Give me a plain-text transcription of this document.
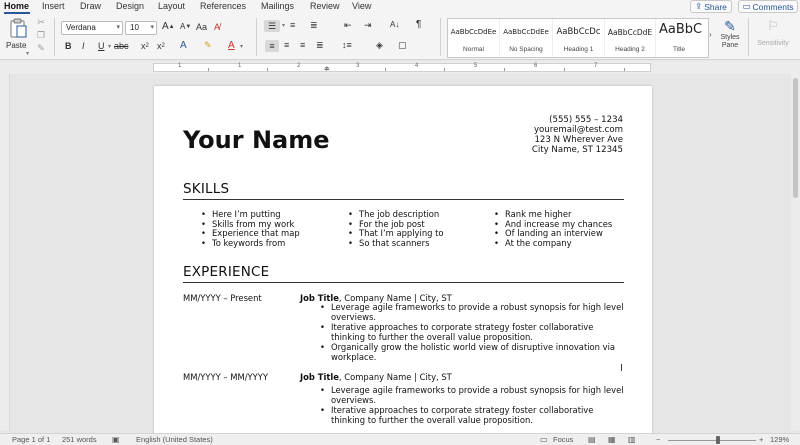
Home Insert Draw Design Layout References Mailings Review View	⇪ Share ▭ Comments
Paste
▾
✂
❐
✎
Verdana	▾	10 ▾ A ▲ A ▼ Aa A̸
B I U ▾ abc x 2 x 2 A ✎ A ▾
☰ ▾ ≡ ≣	⇤ ⇥ A↓ ¶
≡	≡ ≡ ≣ ↕≡	◈ ▢
AaBbCcDdEe
Normal
AaBbCcDdEe
No Spacing
AaBbCcDc
Heading 1
AaBbCcDdE
Heading 2
AaBbC
Title
›
✎
Styles Pane
⚐
Sensitivity
1	1	2	3	4	5	6	7
⏏
Your Name
(555) 555 – 1234
youremail@test.com
123 N Wherever Ave
City Name, ST 12345
SKILLS
• Here I’m putting
• Skills from my work
• Experience that map
• To keywords from
• The job description
• For the job post
• That I’m applying to
• So that scanners
• Rank me higher
• And increase my chances
• Of landing an interview
• At the company
EXPERIENCE
MM/YYYY – Present	Job Title, Company Name | City, ST
• Leverage agile frameworks to provide a robust synopsis for high level overviews.
• Iterative approaches to corporate strategy foster collaborative thinking to further the overall value proposition.
• Organically grow the holistic world view of disruptive innovation via workplace.
MM/YYYY – MM/YYYY	Job Title, Company Name | City, ST
• Leverage agile frameworks to provide a robust synopsis for high level overviews.
• Iterative approaches to corporate strategy foster collaborative thinking to further the overall value proposition.
I
Page 1 of 1 251 words ▣ English (United States)	▭ Focus ▤ ▦ ▥	−	+ 129%
